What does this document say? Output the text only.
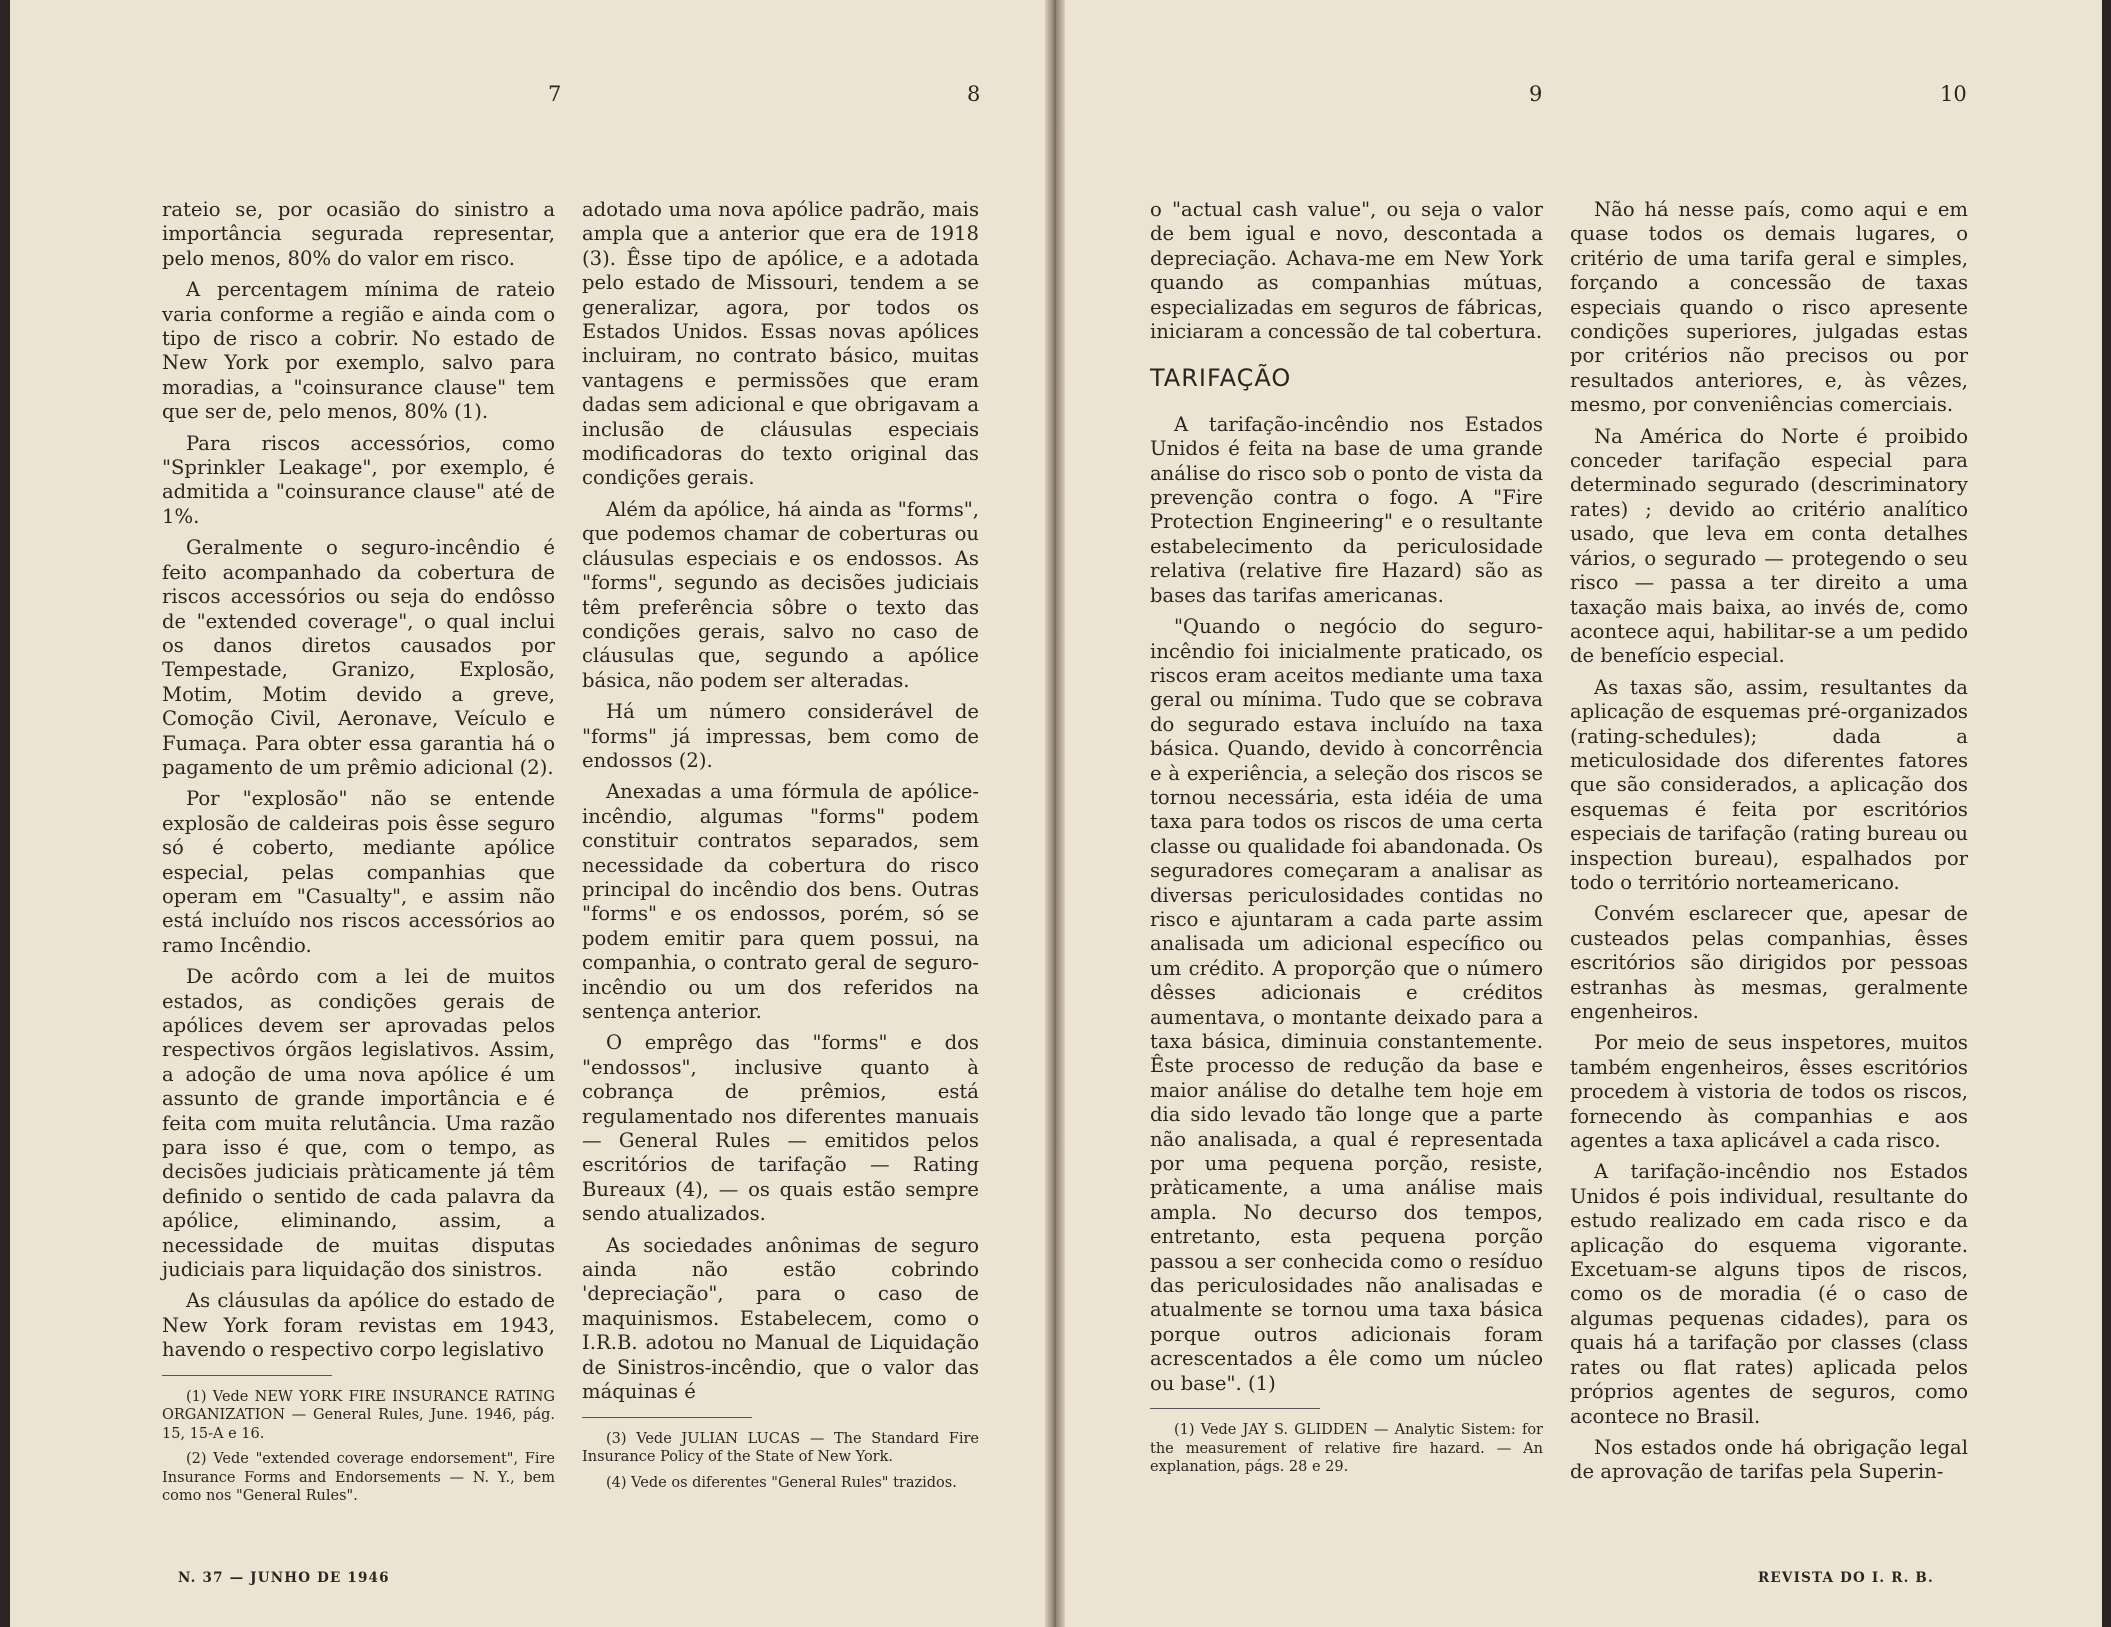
7	8	9	10

rateio se, por ocasião do sinistro a importância segurada representar, pelo menos, 80% do valor em risco.

A percentagem mínima de rateio varia conforme a região e ainda com o tipo de risco a cobrir. No estado de New York por exemplo, salvo para moradias, a "coinsurance clause" tem que ser de, pelo menos, 80% (1).

Para riscos accessórios, como "Sprinkler Leakage", por exemplo, é admitida a "coinsurance clause" até de 1%.

Geralmente o seguro-incêndio é feito acompanhado da cobertura de riscos accessórios ou seja do endôsso de "extended coverage", o qual inclui os danos diretos causados por Tempestade, Granizo, Explosão, Motim, Motim devido a greve, Comoção Civil, Aeronave, Veículo e Fumaça. Para obter essa garantia há o pagamento de um prêmio adicional (2).

Por "explosão" não se entende explosão de caldeiras pois êsse seguro só é coberto, mediante apólice especial, pelas companhias que operam em "Casualty", e assim não está incluído nos riscos accessórios ao ramo Incêndio.

De acôrdo com a lei de muitos estados, as condições gerais de apólices devem ser aprovadas pelos respectivos órgãos legislativos. Assim, a adoção de uma nova apólice é um assunto de grande importância e é feita com muita relutância. Uma razão para isso é que, com o tempo, as decisões judiciais pràticamente já têm definido o sentido de cada palavra da apólice, eliminando, assim, a necessidade de muitas disputas judiciais para liquidação dos sinistros.

As cláusulas da apólice do estado de New York foram revistas em 1943, havendo o respectivo corpo legislativo

(1) Vede NEW YORK FIRE INSURANCE RATING ORGANIZATION — General Rules, June. 1946, pág. 15, 15-A e 16.

(2) Vede "extended coverage endorsement", Fire Insurance Forms and Endorsements — N. Y., bem como nos "General Rules".

adotado uma nova apólice padrão, mais ampla que a anterior que era de 1918 (3). Êsse tipo de apólice, e a adotada pelo estado de Missouri, tendem a se generalizar, agora, por todos os Estados Unidos. Essas novas apólices incluiram, no contrato básico, muitas vantagens e permissões que eram dadas sem adicional e que obrigavam a inclusão de cláusulas especiais modificadoras do texto original das condições gerais.

Além da apólice, há ainda as "forms", que podemos chamar de coberturas ou cláusulas especiais e os endossos. As "forms", segundo as decisões judiciais têm preferência sôbre o texto das condições gerais, salvo no caso de cláusulas que, segundo a apólice básica, não podem ser alteradas.

Há um número considerável de "forms" já impressas, bem como de endossos (2).

Anexadas a uma fórmula de apólice-incêndio, algumas "forms" podem constituir contratos separados, sem necessidade da cobertura do risco principal do incêndio dos bens. Outras "forms" e os endossos, porém, só se podem emitir para quem possui, na companhia, o contrato geral de seguro-incêndio ou um dos referidos na sentença anterior.

O emprêgo das "forms" e dos "endossos", inclusive quanto à cobrança de prêmios, está regulamentado nos diferentes manuais — General Rules — emitidos pelos escritórios de tarifação — Rating Bureaux (4), — os quais estão sempre sendo atualizados.

As sociedades anônimas de seguro ainda não estão cobrindo 'depreciação", para o caso de maquinismos. Estabelecem, como o I.R.B. adotou no Manual de Liquidação de Sinistros-incêndio, que o valor das máquinas é

(3) Vede JULIAN LUCAS — The Standard Fire Insurance Policy of the State of New York.

(4) Vede os diferentes "General Rules" trazidos.

o "actual cash value", ou seja o valor de bem igual e novo, descontada a depreciação. Achava-me em New York quando as companhias mútuas, especializadas em seguros de fábricas, iniciaram a concessão de tal cobertura.

TARIFAÇÃO

A tarifação-incêndio nos Estados Unidos é feita na base de uma grande análise do risco sob o ponto de vista da prevenção contra o fogo. A "Fire Protection Engineering" e o resultante estabelecimento da periculosidade relativa (relative fire Hazard) são as bases das tarifas americanas.

"Quando o negócio do seguro-incêndio foi inicialmente praticado, os riscos eram aceitos mediante uma taxa geral ou mínima. Tudo que se cobrava do segurado estava incluído na taxa básica. Quando, devido à concorrência e à experiência, a seleção dos riscos se tornou necessária, esta idéia de uma taxa para todos os riscos de uma certa classe ou qualidade foi abandonada. Os seguradores começaram a analisar as diversas periculosidades contidas no risco e ajuntaram a cada parte assim analisada um adicional específico ou um crédito. A proporção que o número dêsses adicionais e créditos aumentava, o montante deixado para a taxa básica, diminuia constantemente. Êste processo de redução da base e maior análise do detalhe tem hoje em dia sido levado tão longe que a parte não analisada, a qual é representada por uma pequena porção, resiste, pràticamente, a uma análise mais ampla. No decurso dos tempos, entretanto, esta pequena porção passou a ser conhecida como o resíduo das periculosidades não analisadas e atualmente se tornou uma taxa básica porque outros adicionais foram acrescentados a êle como um núcleo ou base". (1)

(1) Vede JAY S. GLIDDEN — Analytic Sistem: for the measurement of relative fire hazard. — An explanation, págs. 28 e 29.

Não há nesse país, como aqui e em quase todos os demais lugares, o critério de uma tarifa geral e simples, forçando a concessão de taxas especiais quando o risco apresente condições superiores, julgadas estas por critérios não precisos ou por resultados anteriores, e, às vêzes, mesmo, por conveniências comerciais.

Na América do Norte é proibido conceder tarifação especial para determinado segurado (descriminatory rates) ; devido ao critério analítico usado, que leva em conta detalhes vários, o segurado — protegendo o seu risco — passa a ter direito a uma taxação mais baixa, ao invés de, como acontece aqui, habilitar-se a um pedido de benefício especial.

As taxas são, assim, resultantes da aplicação de esquemas pré-organizados (rating-schedules); dada a meticulosidade dos diferentes fatores que são considerados, a aplicação dos esquemas é feita por escritórios especiais de tarifação (rating bureau ou inspection bureau), espalhados por todo o território norteamericano.

Convém esclarecer que, apesar de custeados pelas companhias, êsses escritórios são dirigidos por pessoas estranhas às mesmas, geralmente engenheiros.

Por meio de seus inspetores, muitos também engenheiros, êsses escritórios procedem à vistoria de todos os riscos, fornecendo às companhias e aos agentes a taxa aplicável a cada risco.

A tarifação-incêndio nos Estados Unidos é pois individual, resultante do estudo realizado em cada risco e da aplicação do esquema vigorante. Excetuam-se alguns tipos de riscos, como os de moradia (é o caso de algumas pequenas cidades), para os quais há a tarifação por classes (class rates ou flat rates) aplicada pelos próprios agentes de seguros, como acontece no Brasil.

Nos estados onde há obrigação legal de aprovação de tarifas pela Superin-

N. 37 — JUNHO DE 1946	REVISTA DO I. R. B.
